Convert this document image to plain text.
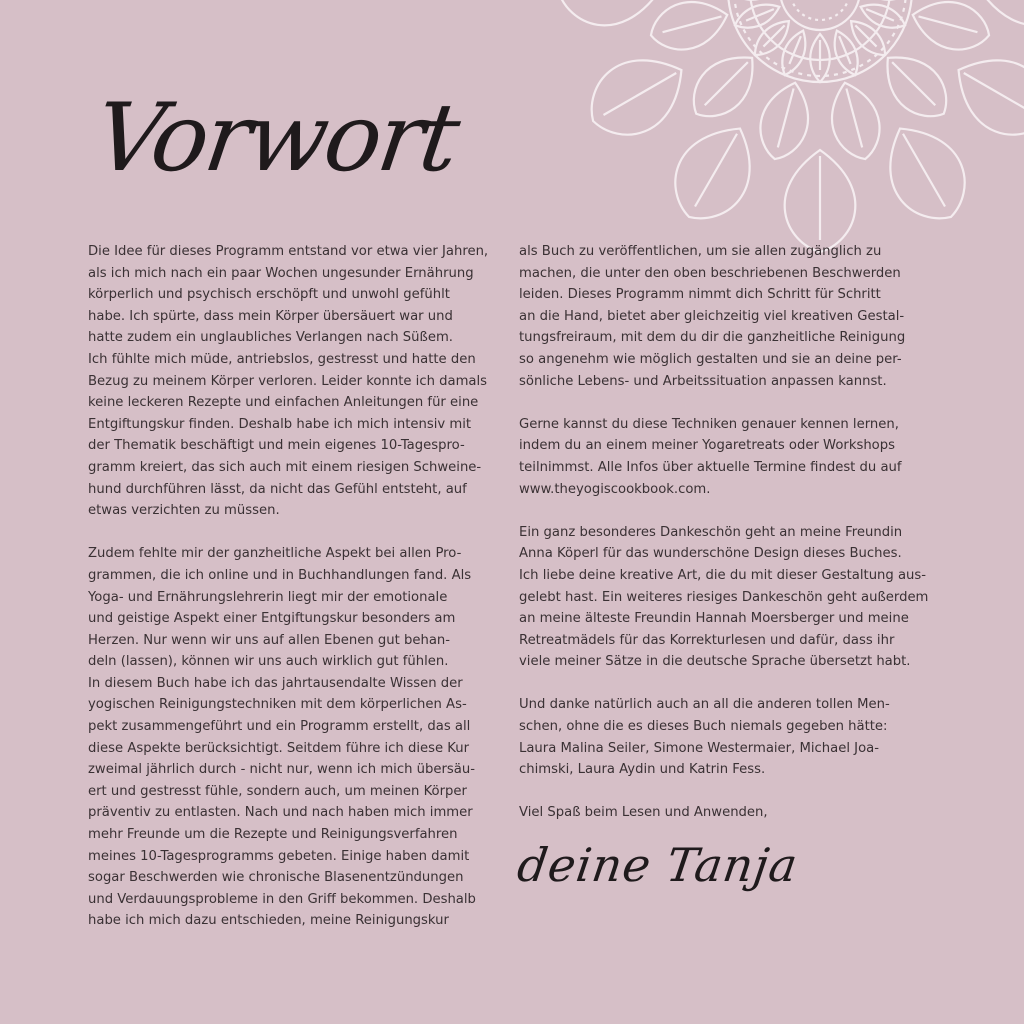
Vorwort

Die Idee für dieses Programm entstand vor etwa vier Jahren,
als ich mich nach ein paar Wochen ungesunder Ernährung
körperlich und psychisch erschöpft und unwohl gefühlt
habe. Ich spürte, dass mein Körper übersäuert war und
hatte zudem ein unglaubliches Verlangen nach Süßem.
Ich fühlte mich müde, antriebslos, gestresst und hatte den
Bezug zu meinem Körper verloren. Leider konnte ich damals
keine leckeren Rezepte und einfachen Anleitungen für eine
Entgiftungskur finden. Deshalb habe ich mich intensiv mit
der Thematik beschäftigt und mein eigenes 10-Tagespro-
gramm kreiert, das sich auch mit einem riesigen Schweine-
hund durchführen lässt, da nicht das Gefühl entsteht, auf
etwas verzichten zu müssen.

Zudem fehlte mir der ganzheitliche Aspekt bei allen Pro-
grammen, die ich online und in Buchhandlungen fand. Als
Yoga- und Ernährungslehrerin liegt mir der emotionale
und geistige Aspekt einer Entgiftungskur besonders am
Herzen. Nur wenn wir uns auf allen Ebenen gut behan-
deln (lassen), können wir uns auch wirklich gut fühlen.
In diesem Buch habe ich das jahrtausendalte Wissen der
yogischen Reinigungstechniken mit dem körperlichen As-
pekt zusammengeführt und ein Programm erstellt, das all
diese Aspekte berücksichtigt. Seitdem führe ich diese Kur
zweimal jährlich durch - nicht nur, wenn ich mich übersäu-
ert und gestresst fühle, sondern auch, um meinen Körper
präventiv zu entlasten. Nach und nach haben mich immer
mehr Freunde um die Rezepte und Reinigungsverfahren
meines 10-Tagesprogramms gebeten. Einige haben damit
sogar Beschwerden wie chronische Blasenentzündungen
und Verdauungsprobleme in den Griff bekommen. Deshalb
habe ich mich dazu entschieden, meine Reinigungskur

als Buch zu veröffentlichen, um sie allen zugänglich zu
machen, die unter den oben beschriebenen Beschwerden
leiden. Dieses Programm nimmt dich Schritt für Schritt
an die Hand, bietet aber gleichzeitig viel kreativen Gestal-
tungsfreiraum, mit dem du dir die ganzheitliche Reinigung
so angenehm wie möglich gestalten und sie an deine per-
sönliche Lebens- und Arbeitssituation anpassen kannst.

Gerne kannst du diese Techniken genauer kennen lernen,
indem du an einem meiner Yogaretreats oder Workshops
teilnimmst. Alle Infos über aktuelle Termine findest du auf
www.theyogiscookbook.com.

Ein ganz besonderes Dankeschön geht an meine Freundin
Anna Köperl für das wunderschöne Design dieses Buches.
Ich liebe deine kreative Art, die du mit dieser Gestaltung aus-
gelebt hast. Ein weiteres riesiges Dankeschön geht außerdem
an meine älteste Freundin Hannah Moersberger und meine
Retreatmädels für das Korrekturlesen und dafür, dass ihr
viele meiner Sätze in die deutsche Sprache übersetzt habt.

Und danke natürlich auch an all die anderen tollen Men-
schen, ohne die es dieses Buch niemals gegeben hätte:
Laura Malina Seiler, Simone Westermaier, Michael Joa-
chimski, Laura Aydin und Katrin Fess.

Viel Spaß beim Lesen und Anwenden,

deine Tanja
